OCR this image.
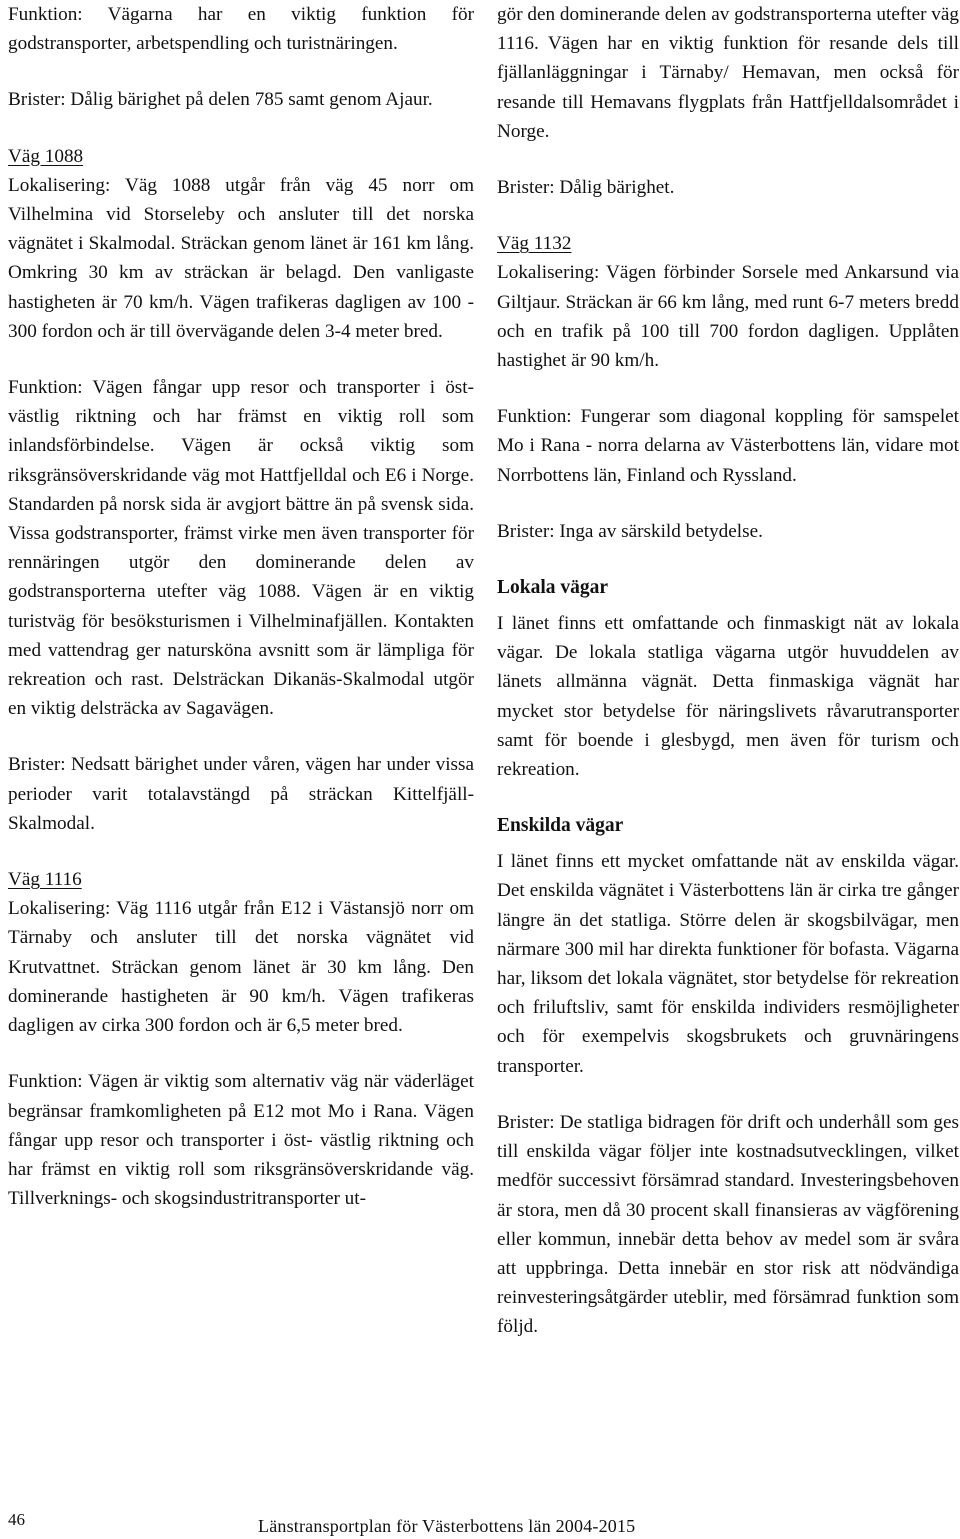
Funktion: Vägarna har en viktig funktion för godstransporter, arbetspendling och turistnäringen.

Brister: Dålig bärighet på delen 785 samt genom Ajaur.

Väg 1088

Lokalisering: Väg 1088 utgår från väg 45 norr om Vilhelmina vid Storseleby och ansluter till det norska vägnätet i Skalmodal. Sträckan genom länet är 161 km lång. Omkring 30 km av sträckan är belagd. Den vanligaste hastigheten är 70 km/h. Vägen trafikeras dagligen av 100 - 300 fordon och är till övervägande delen 3-4 meter bred.

Funktion: Vägen fångar upp resor och transporter i öst- västlig riktning och har främst en viktig roll som inlandsförbindelse. Vägen är också viktig som riksgränsöverskridande väg mot Hattfjelldal och E6 i Norge. Standarden på norsk sida är avgjort bättre än på svensk sida. Vissa godstransporter, främst virke men även transporter för rennäringen utgör den dominerande delen av godstransporterna utefter väg 1088. Vägen är en viktig turistväg för besöksturismen i Vilhelminafjällen. Kontakten med vattendrag ger natursköna avsnitt som är lämpliga för rekreation och rast. Delsträckan Dikanäs-Skalmodal utgör en viktig delsträcka av Sagavägen.

Brister: Nedsatt bärighet under våren, vägen har under vissa perioder varit totalavstängd på sträckan Kittelfjäll-Skalmodal.

Väg 1116

Lokalisering: Väg 1116 utgår från E12 i Västansjö norr om Tärnaby och ansluter till det norska vägnätet vid Krutvattnet. Sträckan genom länet är 30 km lång. Den dominerande hastigheten är 90 km/h. Vägen trafikeras dagligen av cirka 300 fordon och är 6,5 meter bred.

Funktion: Vägen är viktig som alternativ väg när väderläget begränsar framkomligheten på E12 mot Mo i Rana. Vägen fångar upp resor och transporter i öst- västlig riktning och har främst en viktig roll som riksgränsöverskridande väg. Tillverknings- och skogsindustritransporter ut-

gör den dominerande delen av godstransporterna utefter väg 1116. Vägen har en viktig funktion för resande dels till fjällanläggningar i Tärnaby/ Hemavan, men också för resande till Hemavans flygplats från Hattfjelldalsområdet i Norge.

Brister: Dålig bärighet.

Väg 1132

Lokalisering: Vägen förbinder Sorsele med Ankarsund via Giltjaur. Sträckan är 66 km lång, med runt 6-7 meters bredd och en trafik på 100 till 700 fordon dagligen. Upplåten hastighet är 90 km/h.

Funktion: Fungerar som diagonal koppling för samspelet Mo i Rana - norra delarna av Västerbottens län, vidare mot Norrbottens län, Finland och Ryssland.

Brister: Inga av särskild betydelse.

Lokala vägar

I länet finns ett omfattande och finmaskigt nät av lokala vägar. De lokala statliga vägarna utgör huvuddelen av länets allmänna vägnät. Detta finmaskiga vägnät har mycket stor betydelse för näringslivets råvarutransporter samt för boende i glesbygd, men även för turism och rekreation.

Enskilda vägar

I länet finns ett mycket omfattande nät av enskilda vägar. Det enskilda vägnätet i Västerbottens län är cirka tre gånger längre än det statliga. Större delen är skogsbilvägar, men närmare 300 mil har direkta funktioner för bofasta. Vägarna har, liksom det lokala vägnätet, stor betydelse för rekreation och friluftsliv, samt för enskilda individers resmöjligheter och för exempelvis skogsbrukets och gruvnäringens transporter.

Brister: De statliga bidragen för drift och underhåll som ges till enskilda vägar följer inte kostnadsutvecklingen, vilket medför successivt försämrad standard. Investeringsbehoven är stora, men då 30 procent skall finansieras av vägförening eller kommun, innebär detta behov av medel som är svåra att uppbringa. Detta innebär en stor risk att nödvändiga reinvesteringsåtgärder uteblir, med försämrad funktion som följd.

46	Länstransportplan för Västerbottens län 2004-2015
